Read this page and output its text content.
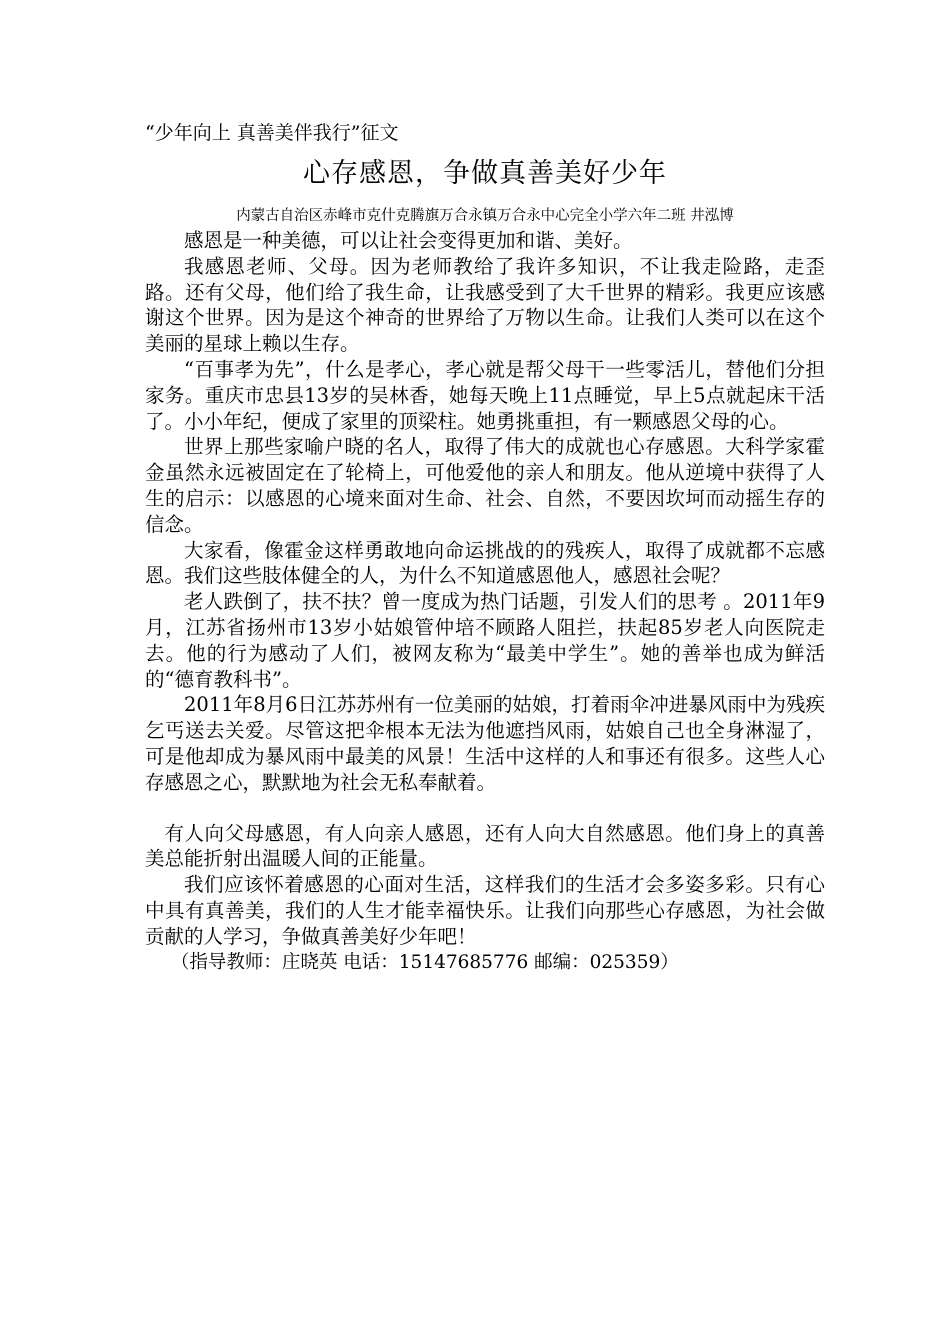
“少年向上 真善美伴我行”征文
心存感恩，争做真善美好少年
内蒙古自治区赤峰市克什克腾旗万合永镇万合永中心完全小学六年二班 井泓博

感恩是一种美德，可以让社会变得更加和谐、美好。

我感恩老师、父母。因为老师教给了我许多知识，不让我走险路，走歪路。还有父母，他们给了我生命，让我感受到了大千世界的精彩。我更应该感谢这个世界。因为是这个神奇的世界给了万物以生命。让我们人类可以在这个美丽的星球上赖以生存。

“百事孝为先”，什么是孝心，孝心就是帮父母干一些零活儿，替他们分担家务。重庆市忠县13岁的吴林香，她每天晚上11点睡觉，早上5点就起床干活了。小小年纪，便成了家里的顶梁柱。她勇挑重担，有一颗感恩父母的心。

世界上那些家喻户晓的名人，取得了伟大的成就也心存感恩。大科学家霍金虽然永远被固定在了轮椅上，可他爱他的亲人和朋友。他从逆境中获得了人生的启示：以感恩的心境来面对生命、社会、自然，不要因坎坷而动摇生存的信念。

大家看，像霍金这样勇敢地向命运挑战的的残疾人，取得了成就都不忘感恩。我们这些肢体健全的人，为什么不知道感恩他人，感恩社会呢？

老人跌倒了，扶不扶？曾一度成为热门话题，引发人们的思考 。2011年9月，江苏省扬州市13岁小姑娘管仲培不顾路人阻拦，扶起85岁老人向医院走去。他的行为感动了人们，被网友称为“最美中学生”。她的善举也成为鲜活的“德育教科书”。

2011年8月6日江苏苏州有一位美丽的姑娘，打着雨伞冲进暴风雨中为残疾乞丐送去关爱。尽管这把伞根本无法为他遮挡风雨，姑娘自己也全身淋湿了，可是他却成为暴风雨中最美的风景！生活中这样的人和事还有很多。这些人心存感恩之心，默默地为社会无私奉献着。

有人向父母感恩，有人向亲人感恩，还有人向大自然感恩。他们身上的真善美总能折射出温暖人间的正能量。

我们应该怀着感恩的心面对生活，这样我们的生活才会多姿多彩。只有心中具有真善美，我们的人生才能幸福快乐。让我们向那些心存感恩，为社会做贡献的人学习，争做真善美好少年吧！

（指导教师：庄晓英 电话：15147685776 邮编：025359）
